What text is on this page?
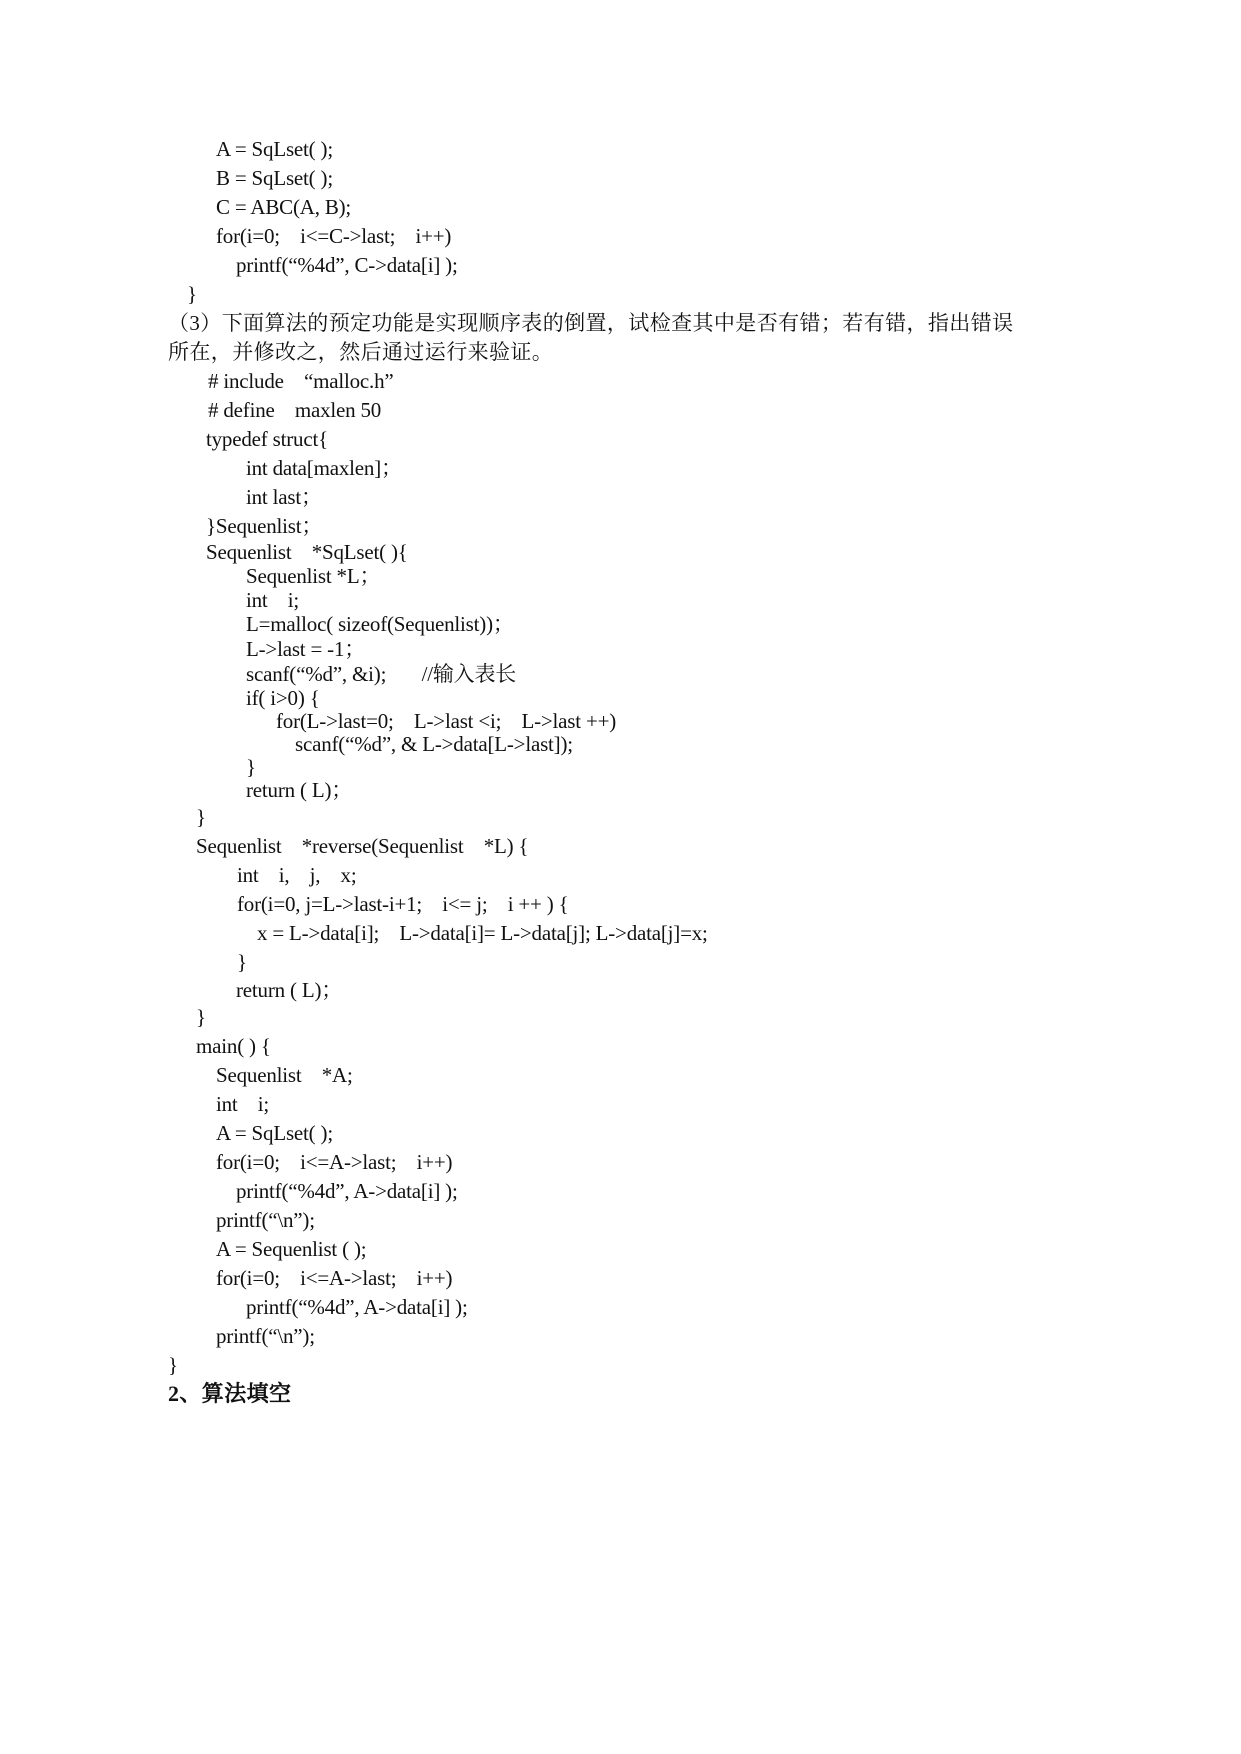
A = SqLset( );
B = SqLset( );
C = ABC(A, B);
for(i=0;    i<=C->last;    i++)
printf(“%4d”, C->data[i] );
}
（3）下面算法的预定功能是实现顺序表的倒置，试检查其中是否有错；若有错，指出错误
所在，并修改之，然后通过运行来验证。
# include    “malloc.h”
# define    maxlen 50
typedef struct{
int data[maxlen]；
int last；
}Sequenlist；
Sequenlist    *SqLset( ){
Sequenlist *L；
int    i;
L=malloc( sizeof(Sequenlist))；
L->last = -1；
scanf(“%d”, &i);       //输入表长
if( i>0) {
for(L->last=0;    L->last <i;    L->last ++)
scanf(“%d”, & L->data[L->last]);
}
return ( L)；
}
Sequenlist    *reverse(Sequenlist    *L) {
int    i,    j,    x;
for(i=0, j=L->last-i+1;    i<= j;    i ++ ) {
x = L->data[i];    L->data[i]= L->data[j]; L->data[j]=x;
}
return ( L)；
}
main( ) {
Sequenlist    *A;
int    i;
A = SqLset( );
for(i=0;    i<=A->last;    i++)
printf(“%4d”, A->data[i] );
printf(“\n”);
A = Sequenlist ( );
for(i=0;    i<=A->last;    i++)
printf(“%4d”, A->data[i] );
printf(“\n”);
}
2、算法填空
